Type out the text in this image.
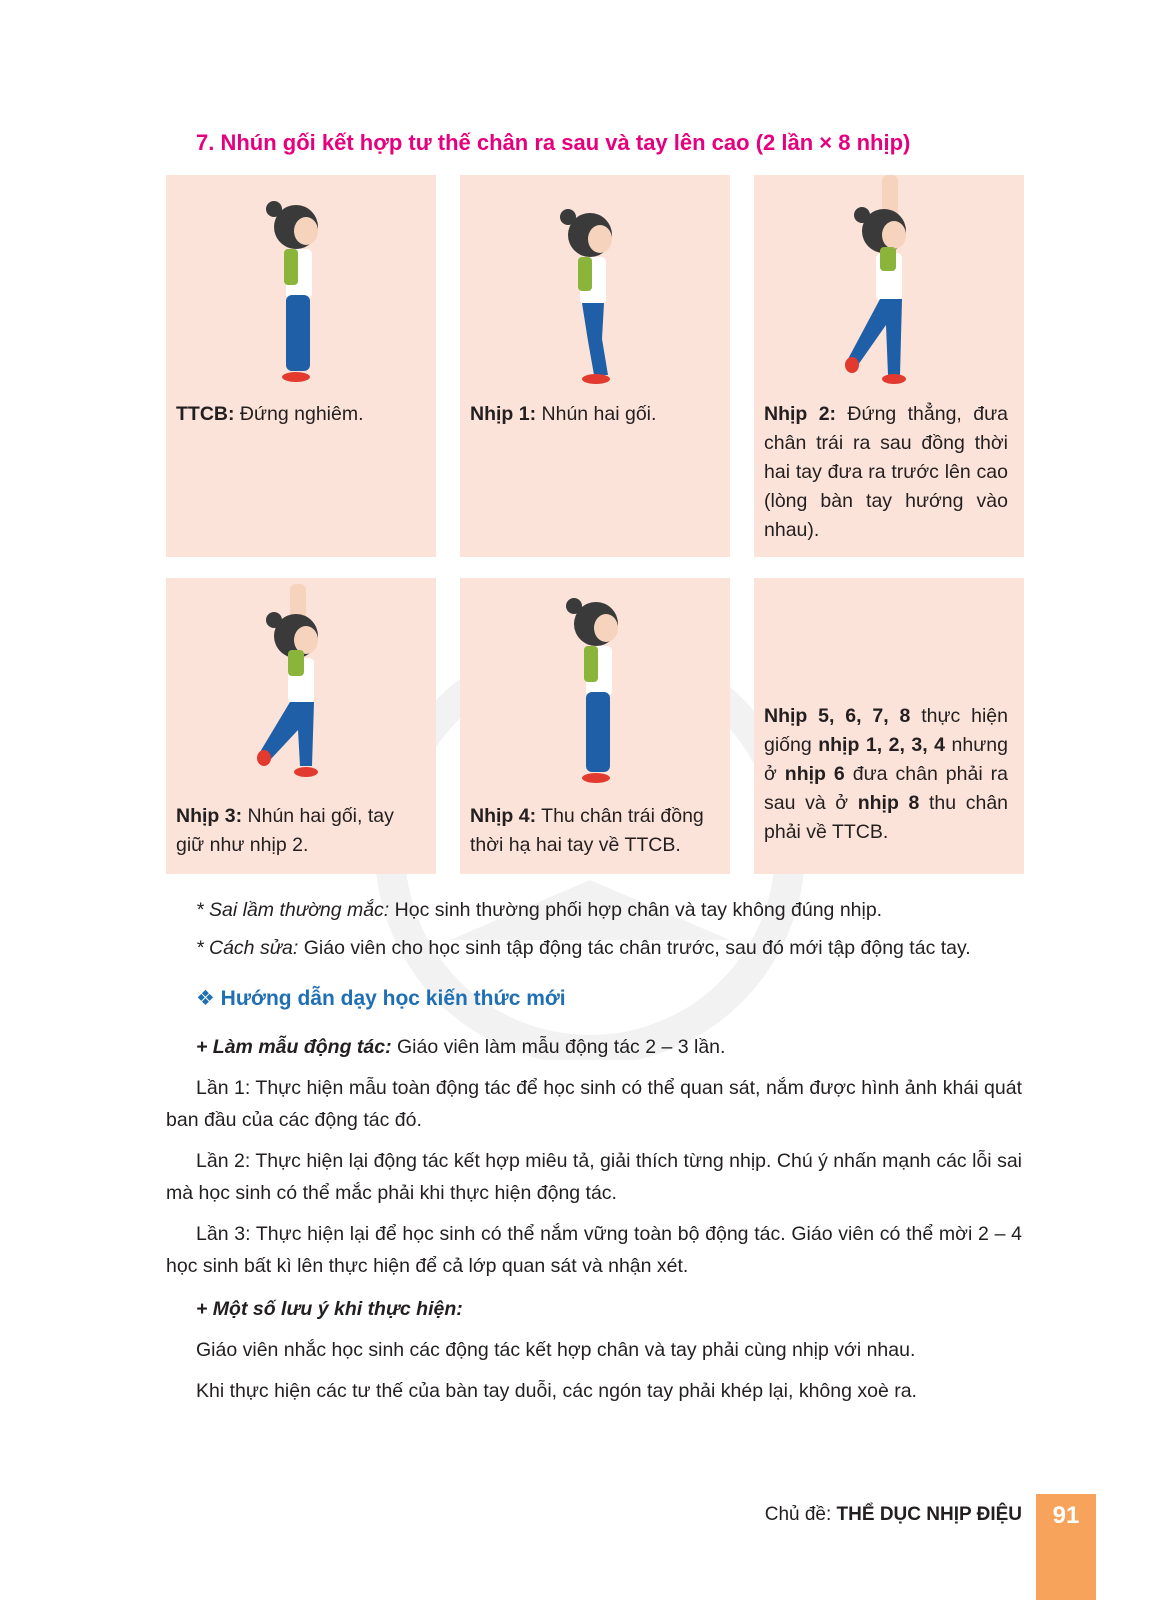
7. Nhún gối kết hợp tư thế chân ra sau và tay lên cao (2 lần × 8 nhịp)
TTCB: Đứng nghiêm.	Nhịp 1: Nhún hai gối.	Nhịp 2: Đứng thẳng, đưa chân trái ra sau đồng thời hai tay đưa ra trước lên cao (lòng bàn tay hướng vào nhau).
Nhịp 3: Nhún hai gối, tay giữ như nhịp 2.
Nhịp 4: Thu chân trái đồng thời hạ hai tay về TTCB.
Nhịp 5, 6, 7, 8 thực hiện giống nhịp 1, 2, 3, 4 nhưng ở nhịp 6 đưa chân phải ra sau và ở nhịp 8 thu chân phải về TTCB.
* Sai lầm thường mắc: Học sinh thường phối hợp chân và tay không đúng nhịp.
* Cách sửa: Giáo viên cho học sinh tập động tác chân trước, sau đó mới tập động tác tay.
❖ Hướng dẫn dạy học kiến thức mới
+ Làm mẫu động tác: Giáo viên làm mẫu động tác 2 – 3 lần.
Lần 1: Thực hiện mẫu toàn động tác để học sinh có thể quan sát, nắm được hình ảnh khái quát ban đầu của các động tác đó.
Lần 2: Thực hiện lại động tác kết hợp miêu tả, giải thích từng nhịp. Chú ý nhấn mạnh các lỗi sai mà học sinh có thể mắc phải khi thực hiện động tác.
Lần 3: Thực hiện lại để học sinh có thể nắm vững toàn bộ động tác. Giáo viên có thể mời 2 – 4 học sinh bất kì lên thực hiện để cả lớp quan sát và nhận xét.
+ Một số lưu ý khi thực hiện:
Giáo viên nhắc học sinh các động tác kết hợp chân và tay phải cùng nhịp với nhau.
Khi thực hiện các tư thế của bàn tay duỗi, các ngón tay phải khép lại, không xoè ra.
Chủ đề: THỂ DỤC NHỊP ĐIỆU	91
